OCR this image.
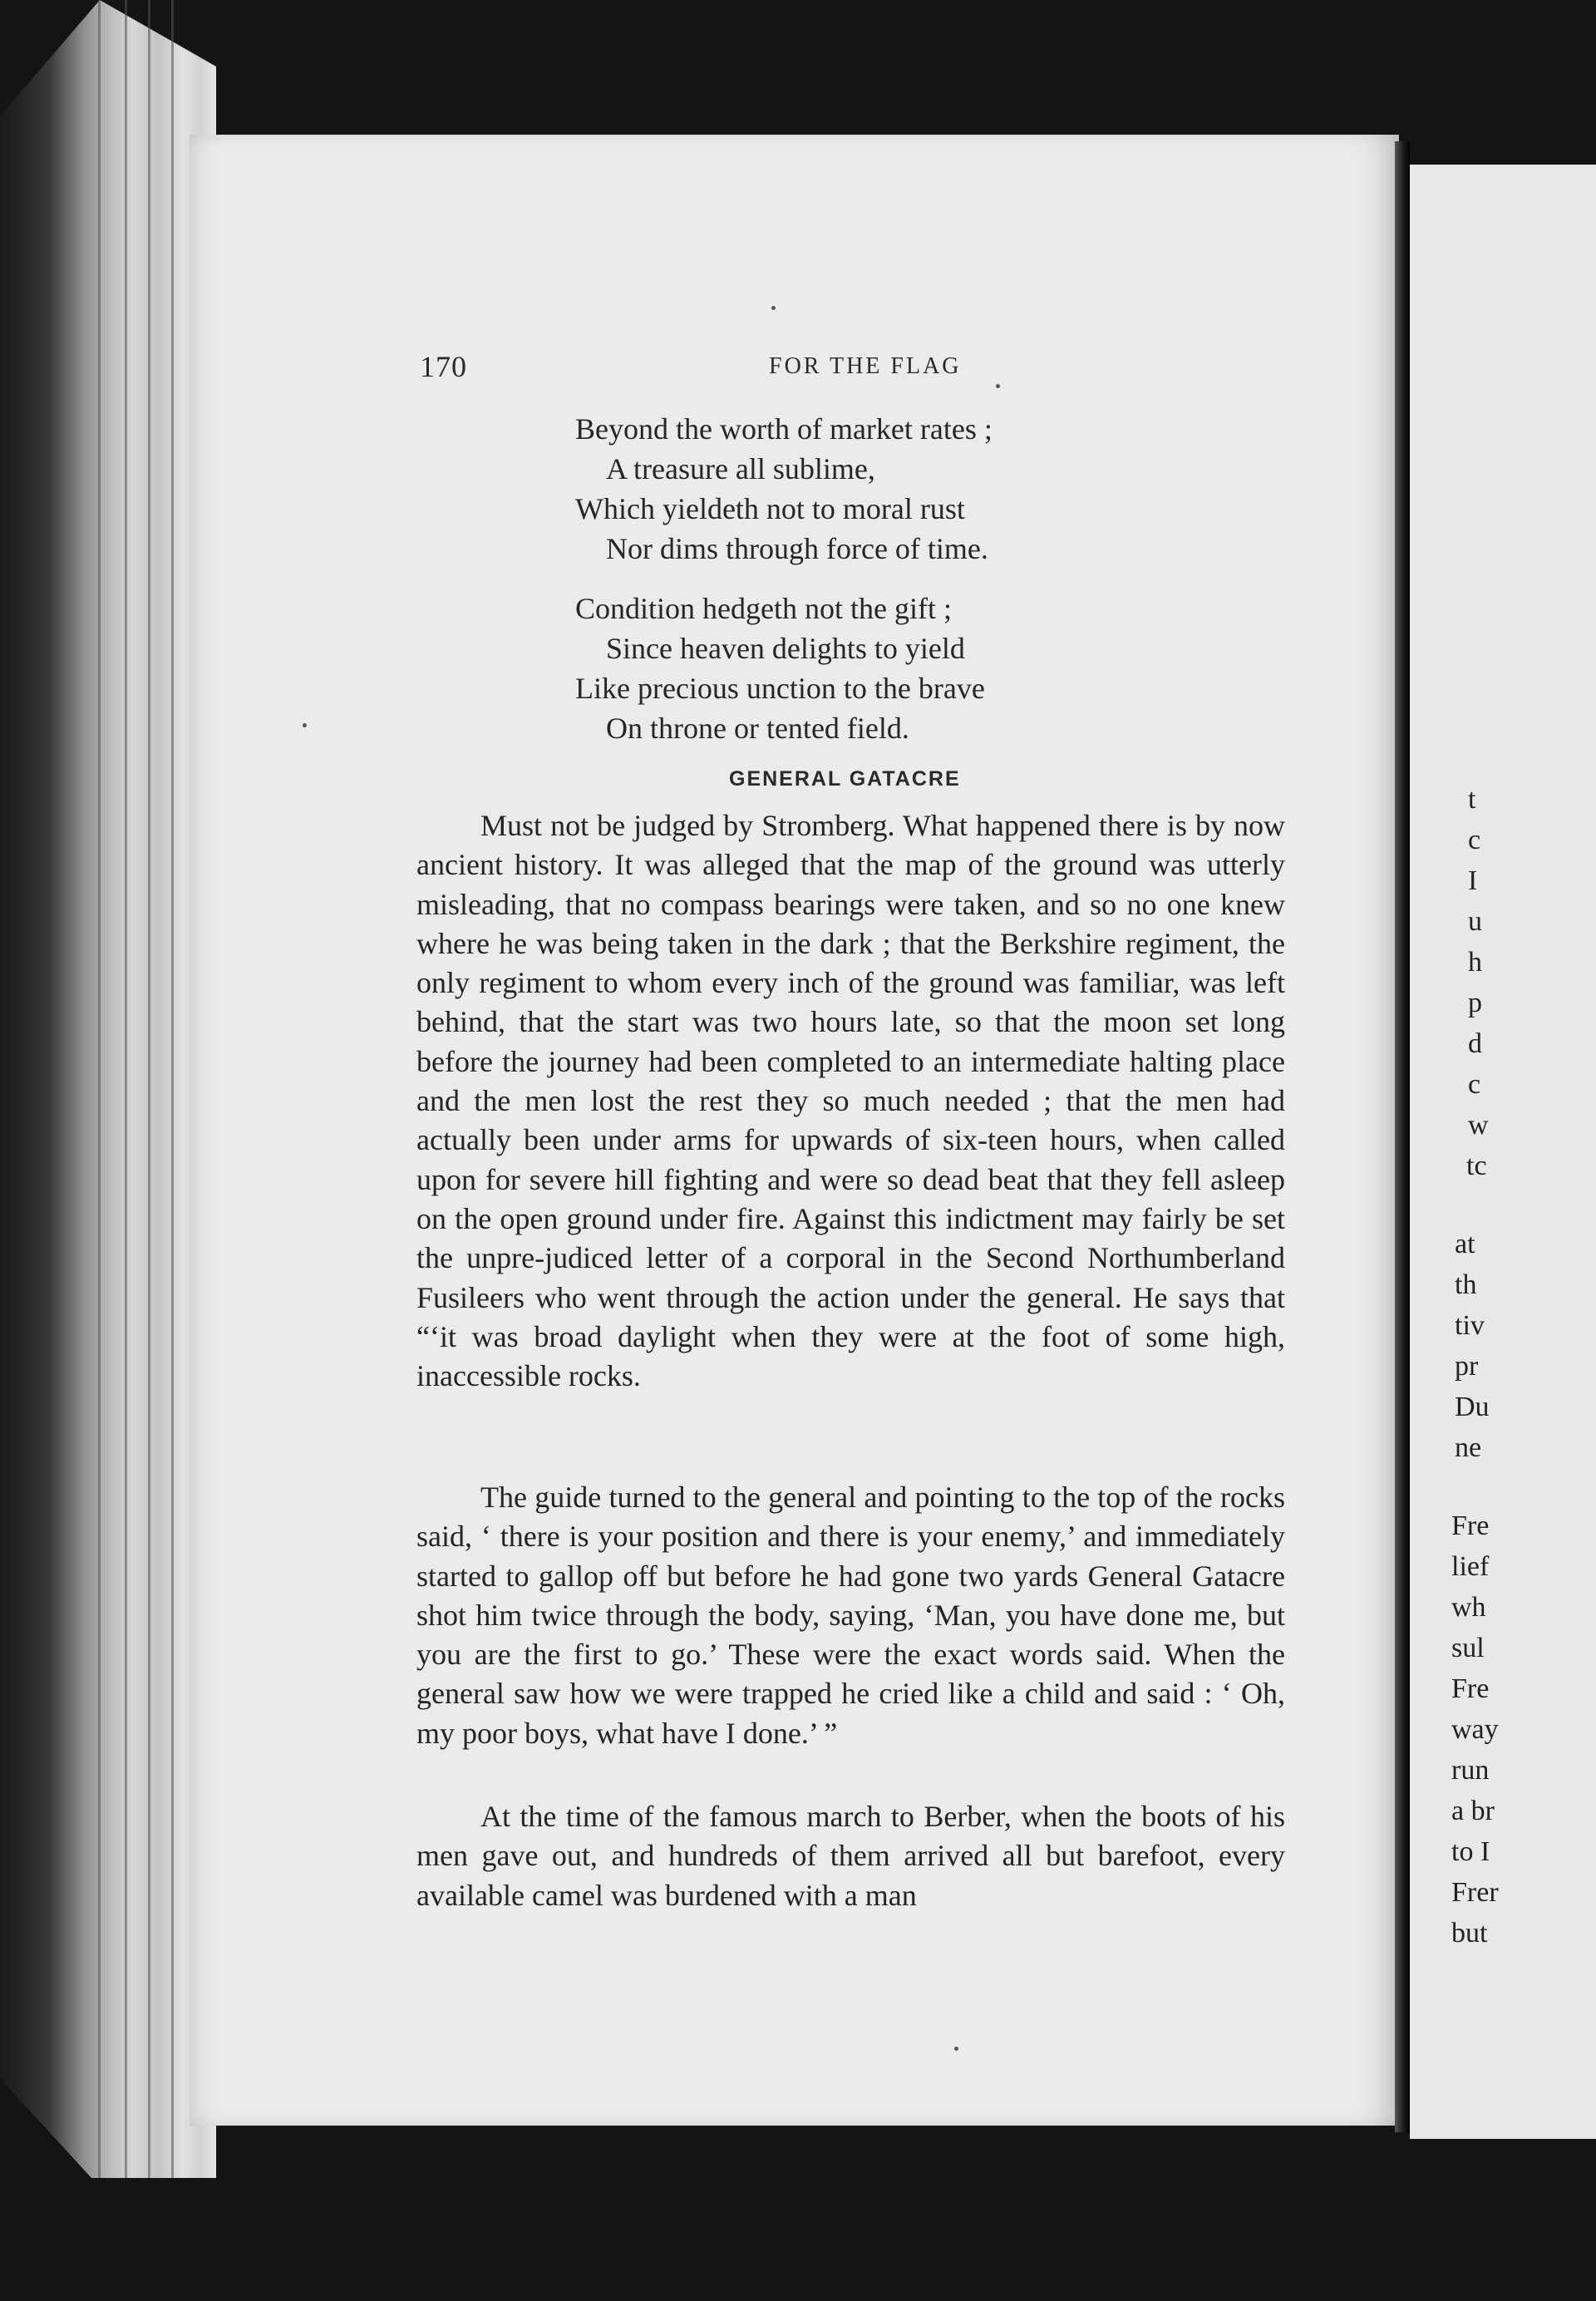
t
c
I
u
h
p
d
c
w
tc
at
th
tiv
pr
Du
ne
Fre
lief
wh
sul
Fre
way
run
a br
to I
Frer
but
170	FOR THE FLAG
Beyond the worth of market rates ;
A treasure all sublime,
Which yieldeth not to moral rust
Nor dims through force of time.
Condition hedgeth not the gift ;
Since heaven delights to yield
Like precious unction to the brave
On throne or tented field.
GENERAL GATACRE

Must not be judged by Stromberg. What happened there is by now ancient history. It was alleged that the map of the ground was utterly misleading, that no compass bearings were taken, and so no one knew where he was being taken in the dark ; that the Berkshire regiment, the only regiment to whom every inch of the ground was familiar, was left behind, that the start was two hours late, so that the moon set long before the journey had been completed to an intermediate halting place and the men lost the rest they so much needed ; that the men had actually been under arms for upwards of six-teen hours, when called upon for severe hill fighting and were so dead beat that they fell asleep on the open ground under fire. Against this indictment may fairly be set the unpre-judiced letter of a corporal in the Second Northumberland Fusileers who went through the action under the general. He says that “‘it was broad daylight when they were at the foot of some high, inaccessible rocks.

The guide turned to the general and pointing to the top of the rocks said, ‘ there is your position and there is your enemy,’ and immediately started to gallop off but before he had gone two yards General Gatacre shot him twice through the body, saying, ‘Man, you have done me, but you are the first to go.’ These were the exact words said. When the general saw how we were trapped he cried like a child and said : ‘ Oh, my poor boys, what have I done.’ ”

At the time of the famous march to Berber, when the boots of his men gave out, and hundreds of them arrived all but barefoot, every available camel was burdened with a man
